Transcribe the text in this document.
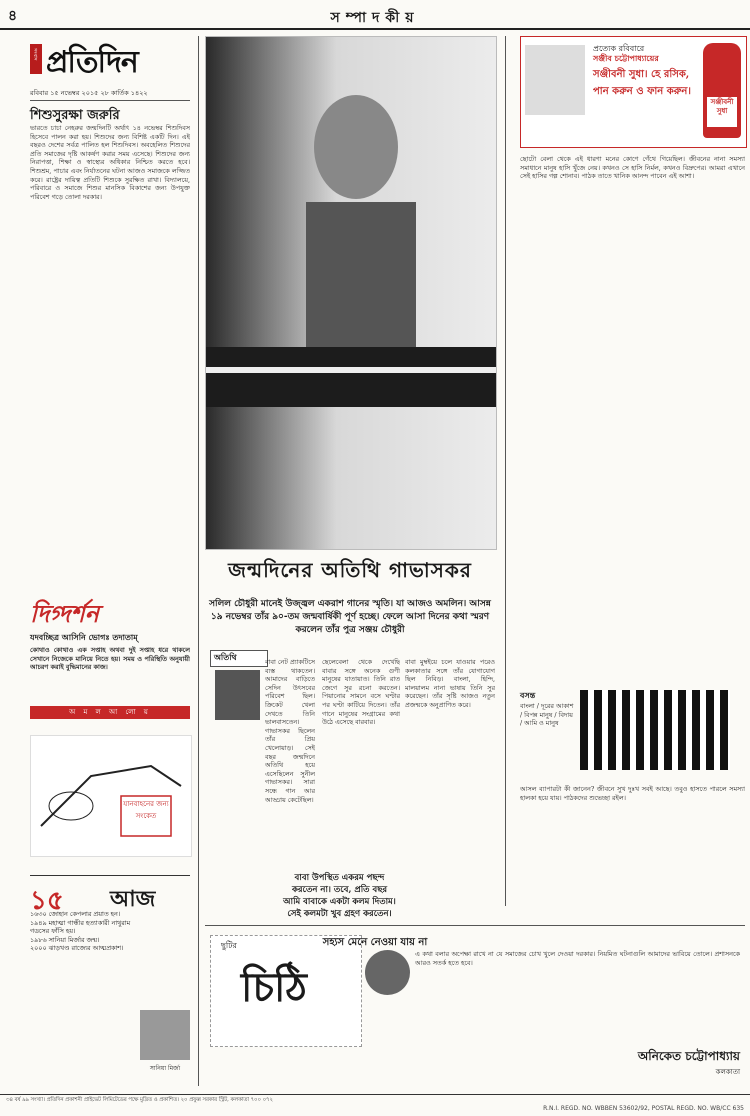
৪	সম্পাদকীয়
সংবাদ প্রতিদিন
রবিবার ১৫ নভেম্বর ২০১৫ ২৮ কার্তিক ১৪২২
শিশুসুরক্ষা জরুরি
ভারতে চাচা নেহরুর জন্মদিনটি অর্থাৎ ১৪ নভেম্বর শিশুদিবস হিসেবে পালন করা হয়। শিশুদের জন্য বিশিষ্ট একটি দিন। এই বছরও দেশের সর্বত্র পালিত হল শিশুদিবস। অবহেলিত শিশুদের প্রতি সমাজের দৃষ্টি আকর্ষণ করার সময় এসেছে। শিশুদের জন্য নিরাপত্তা, শিক্ষা ও স্বাস্থ্যের অধিকার নিশ্চিত করতে হবে। শিশুশ্রম, পাচার এবং নির্যাতনের ঘটনা আজও সমাজকে লজ্জিত করে। রাষ্ট্রের দায়িত্ব প্রতিটি শিশুকে সুরক্ষিত রাখা। বিদ্যালয়ে, পরিবারে ও সমাজে শিশুর মানসিক বিকাশের জন্য উপযুক্ত পরিবেশ গড়ে তোলা দরকার।
দিগ্দর্শন
যদবচ্ছিত্র আসিনি ভোগঃ তদাতাম্
কোথাও কোথাও এক সপ্তাহ অথবা দুই সপ্তাহ ধরে থাকলে সেখানে নিজেকে মানিয়ে নিতে হয়। সময় ও পরিস্থিতি অনুযায়ী আচরণ করাই বুদ্ধিমানের কাজ।
অ ম ল আ লো য়
যানবাহনের জন্য সংকেত
১৫ আজ
১৬৩০ জোহান কেপলার প্রয়াত হন।
১৯৪৯ মহাত্মা গান্ধীর হত্যাকারী নাথুরাম গডসের ফাঁসি হয়।
১৯৮৬ সানিয়া মির্জার জন্ম।
২০০০ ঝাড়খণ্ড রাজ্যের আত্মপ্রকাশ।
সানিয়া মির্জা
জন্মদিনের অতিথি গাভাসকর
সলিল চৌধুরী মানেই উজ্জ্বল একরাশ গানের স্মৃতি। যা আজও অমলিন। আসন্ন ১৯ নভেম্বর তাঁর ৯০-তম জন্মবার্ষিকী পূর্ণ হচ্ছে। ফেলে আসা দিনের কথা স্মরণ করলেন তাঁর পুত্র সঞ্জয় চৌধুরী
অতিথি	বাবা নেট প্র্যাকটিসে ব্যস্ত থাকতেন। আমাদের বাড়িতে সেদিন উৎসবের পরিবেশ ছিল। ক্রিকেট খেলা দেখতে তিনি ভালবাসতেন। গাভাসকর ছিলেন তাঁর প্রিয় খেলোয়াড়। সেই বছর জন্মদিনে অতিথি হয়ে এসেছিলেন সুনীল গাভাসকর। সারা সন্ধে গান আর আড্ডায় কেটেছিল।
ছেলেবেলা থেকে দেখেছি বাবার সঙ্গে অনেক গুণী মানুষের যাতায়াত। তিনি রাত জেগে সুর রচনা করতেন। পিয়ানোর সামনে বসে ঘণ্টার পর ঘণ্টা কাটিয়ে দিতেন। তাঁর গানে মানুষের সংগ্রামের কথা উঠে এসেছে বারবার।
বাবা মুম্বইয়ে চলে যাওয়ার পরেও কলকাতার সঙ্গে তাঁর যোগাযোগ ছিল নিবিড়। বাংলা, হিন্দি, মালয়ালম নানা ভাষায় তিনি সুর করেছেন। তাঁর সৃষ্টি আজও নতুন প্রজন্মকে অনুপ্রাণিত করে।
বাবা উপস্থিত একরম পছন্দ করতেন না। তবে, প্রতি বছর আমি বাবাকে একটা কলম দিতাম। সেই কলমটা খুব গ্রহণ করতেন।
প্রত্যেক রবিবারে
সঞ্জীব চট্টোপাধ্যায়ের
সঞ্জীবনী সুধা। হে রসিক, পান করুন ও ফান করুন।
সঞ্জীবনী সুধা
ছোটো বেলা থেকে এই ধারণা মনের কোণে গেঁথে গিয়েছিল। জীবনের নানা সমস্যা সমাধানে মানুষ হাসি খুঁজে নেয়। কখনও সে হাসি নির্মল, কখনও বিদ্রুপের। আমরা এখানে সেই হাসির গল্প শোনাব। পাঠক তাতে খানিক আনন্দ পাবেন এই আশা।
বসন্ত
বাংলা / দূরের আকাশ / বিপন্ন মানুষ / বিদায় / আমি ও মানুষ
আসল ব্যাপারটা কী জানেন? জীবনে সুখ দুঃখ সবই আছে। তবুও হাসতে পারলে সমস্যা হালকা হয়ে যায়। পাঠকদের শুভেচ্ছা রইল।
ছুটির
চিঠি
সহ্যস মেনে নেওয়া যায় না
এ কথা বলার অপেক্ষা রাখে না যে সমাজের চোখ খুলে দেওয়া দরকার। নিয়মিত ঘটনাগুলি আমাদের ভাবিয়ে তোলে। প্রশাসনকে আরও সতর্ক হতে হবে।
অনিকেত চট্টোপাধ্যায়
কলকাতা
৩৪ বর্ষ ৯৯ সংখ্যা। প্রতিদিন প্রকাশনী প্রাইভেট লিমিটেডের পক্ষে মুদ্রিত ও প্রকাশিত। ২০ প্রফুল্ল সরকার স্ট্রিট, কলকাতা ৭০০ ০৭২
R.N.I. REGD. NO. WBBEN 53602/92, POSTAL REGD. NO. WB/CC 635
